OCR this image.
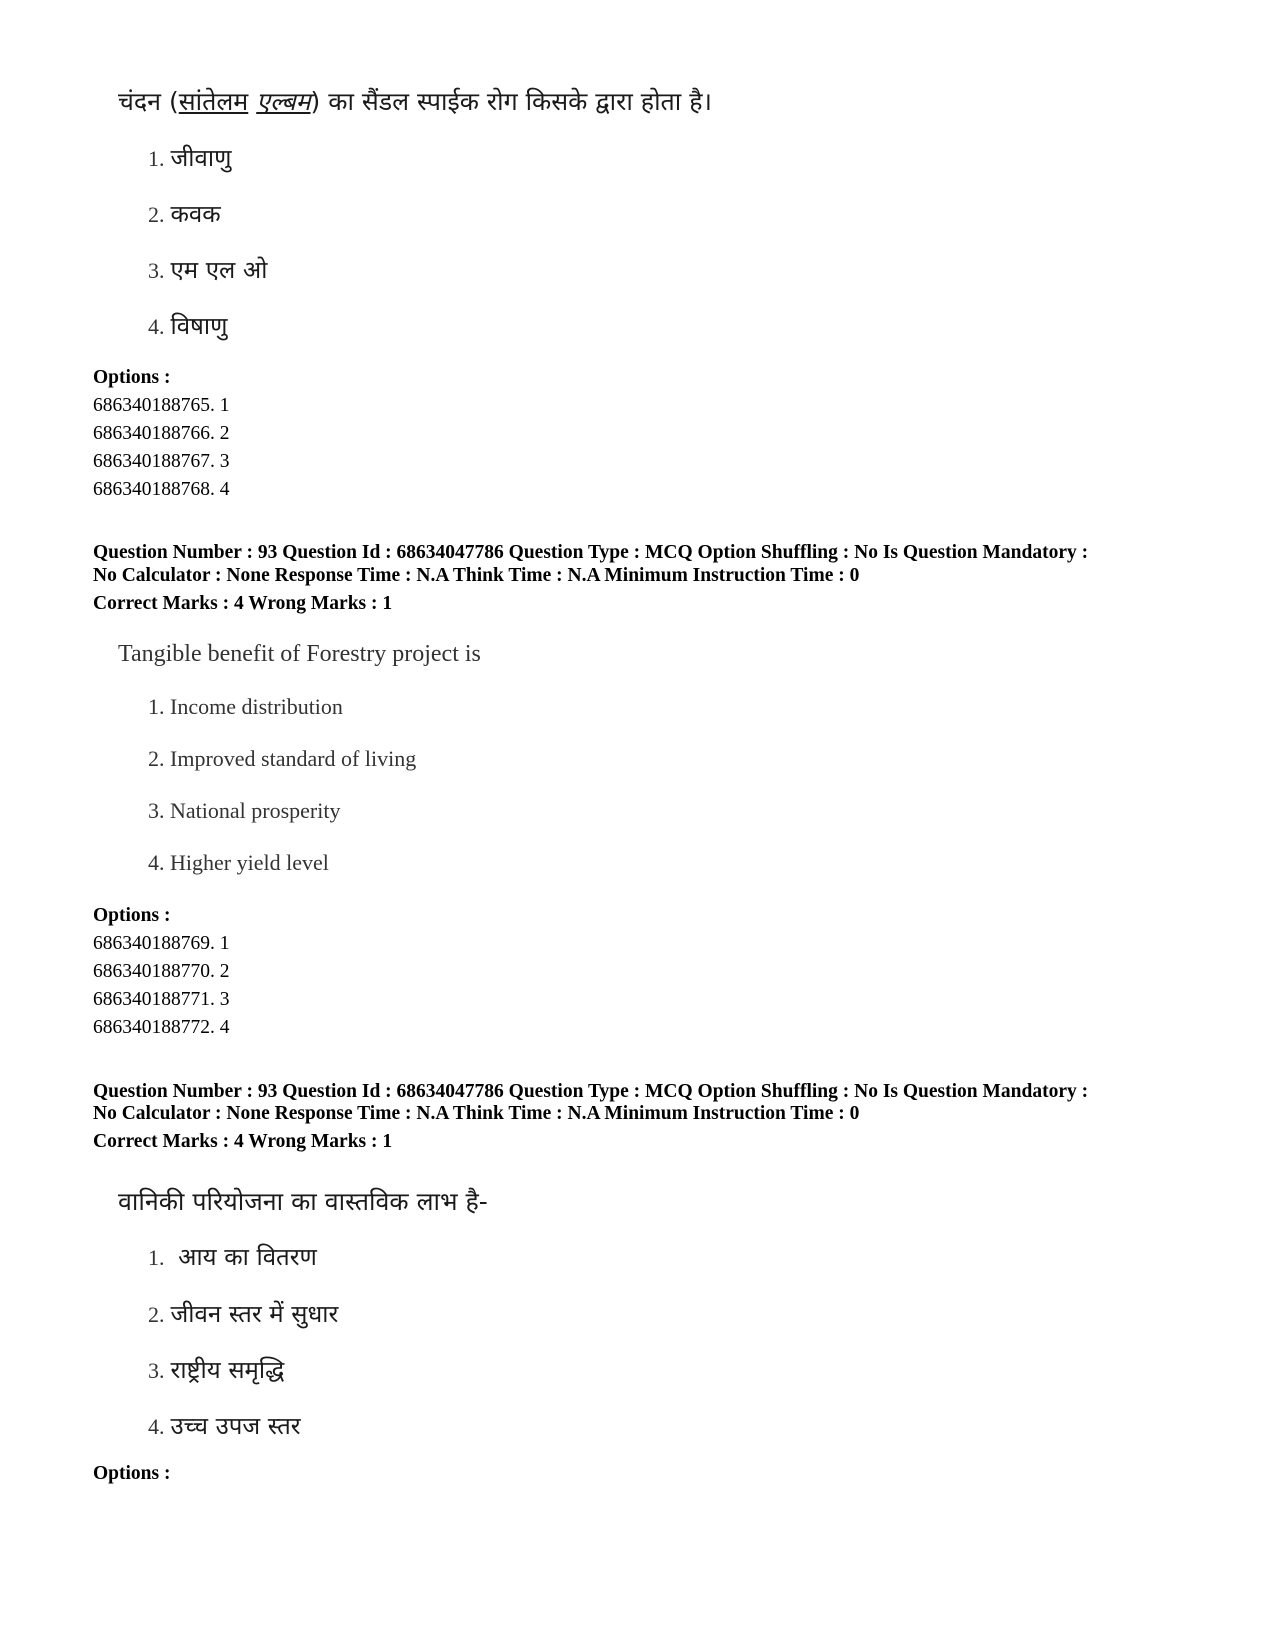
चंदन (सांतेलम एल्बम) का सैंडल स्पाईक रोग किसके द्वारा होता है।
1. जीवाणु
2. कवक
3. एम एल ओ
4. विषाणु
Options :
686340188765. 1
686340188766. 2
686340188767. 3
686340188768. 4
Question Number : 93 Question Id : 68634047786 Question Type : MCQ Option Shuffling : No Is Question Mandatory :
No Calculator : None Response Time : N.A Think Time : N.A Minimum Instruction Time : 0
Correct Marks : 4 Wrong Marks : 1
Tangible benefit of Forestry project is
1. Income distribution
2. Improved standard of living
3. National prosperity
4. Higher yield level
Options :
686340188769. 1
686340188770. 2
686340188771. 3
686340188772. 4
Question Number : 93 Question Id : 68634047786 Question Type : MCQ Option Shuffling : No Is Question Mandatory :
No Calculator : None Response Time : N.A Think Time : N.A Minimum Instruction Time : 0
Correct Marks : 4 Wrong Marks : 1
वानिकी परियोजना का वास्तविक लाभ है-
1. आय का वितरण
2. जीवन स्तर में सुधार
3. राष्ट्रीय समृद्धि
4. उच्च उपज स्तर
Options :
